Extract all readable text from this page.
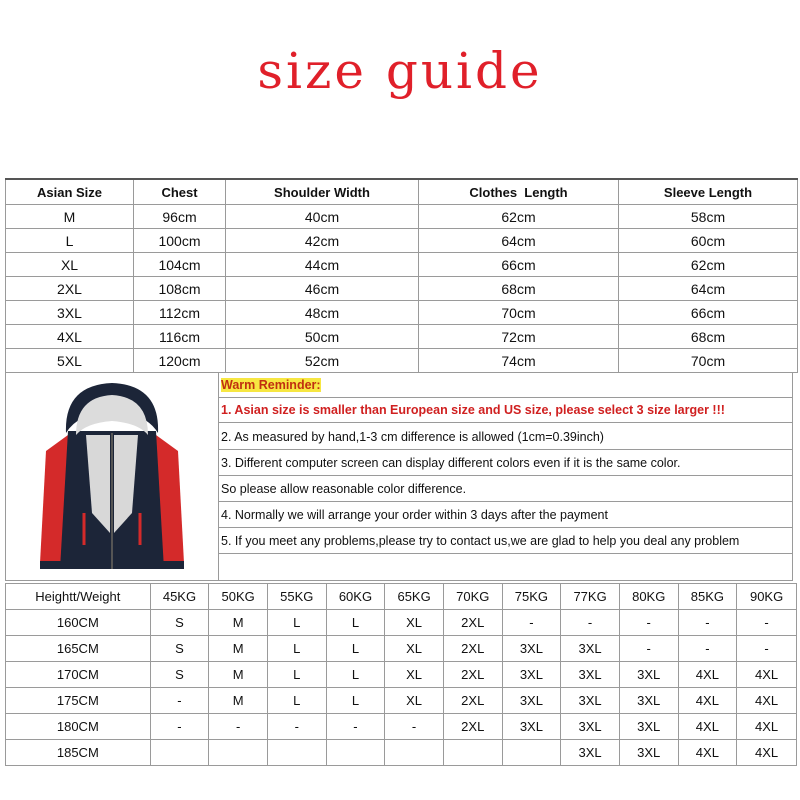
size guide
Asian Size	Chest	Shoulder Width	Clothes  Length	Sleeve Length
M	96cm	40cm	62cm	58cm
L	100cm	42cm	64cm	60cm
XL	104cm	44cm	66cm	62cm
2XL	108cm	46cm	68cm	64cm
3XL	112cm	48cm	70cm	66cm
4XL	116cm	50cm	72cm	68cm
5XL	120cm	52cm	74cm	70cm
Warm Reminder:
1. Asian size is smaller than European size and US size, please select 3 size larger !!!
2. As measured by hand,1-3 cm difference is allowed (1cm=0.39inch)
3. Different computer screen can display different colors even if it is the same color.
So please allow reasonable color difference.
4. Normally we will arrange your order within 3 days after the payment
5. If you meet any problems,please try to contact us,we are glad to help you deal any problem
Heightt/Weight	45KG	50KG	55KG	60KG	65KG	70KG	75KG	77KG	80KG	85KG	90KG
160CM	S	M	L	L	XL	2XL	-	-	-	-	-
165CM	S	M	L	L	XL	2XL	3XL	3XL	-	-	-
170CM	S	M	L	L	XL	2XL	3XL	3XL	3XL	4XL	4XL
175CM	-	M	L	L	XL	2XL	3XL	3XL	3XL	4XL	4XL
180CM	-	-	-	-	-	2XL	3XL	3XL	3XL	4XL	4XL
185CM								3XL	3XL	4XL	4XL
